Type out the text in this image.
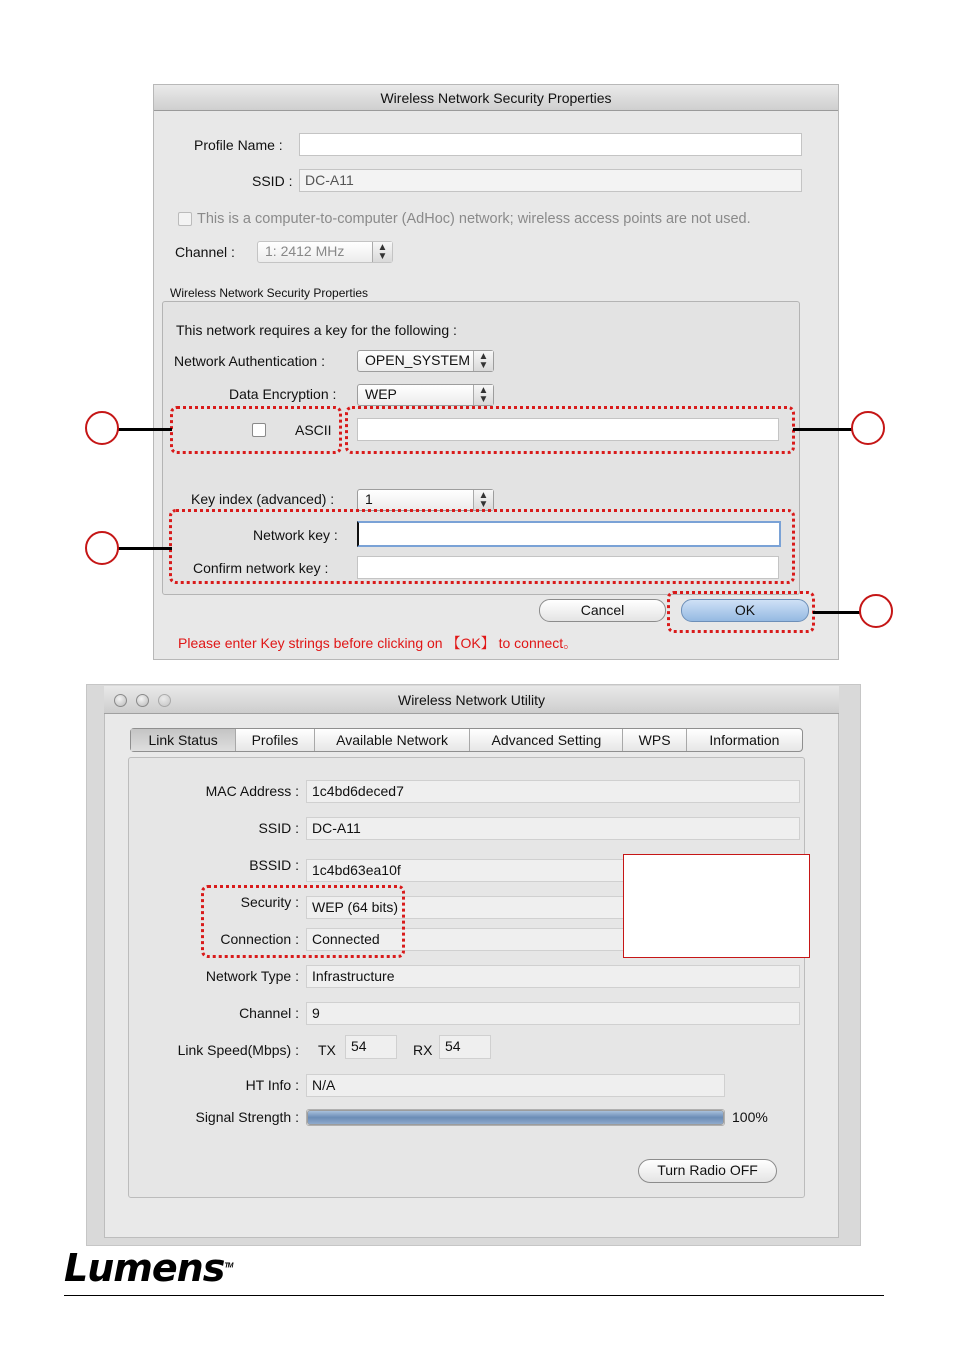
Wireless Network Security Properties
Profile Name :
SSID : DC-A11
This is a computer-to-computer (AdHoc) network; wireless access points are not used.
Channel :	1: 2412 MHz	▲
▼
Wireless Network Security Properties
This network requires a key for the following :
Network Authentication :	OPEN_SYSTEM ▲
▼
Data Encryption :	WEP	▲
▼
ASCII
Key index (advanced) :	1	▲
▼
Network key :
Confirm network key :
Cancel	OK
Please enter Key strings before clicking on 【OK】 to connect。
Wireless Network Utility
Link Status	Profiles	Available Network	Advanced Setting	WPS	Information
MAC Address : 1c4bd6deced7
SSID : DC-A11
BSSID : 1c4bd63ea10f
Security : WEP (64 bits)
Connection : Connected
Network Type : Infrastructure
Channel : 9
Link Speed(Mbps) : TX	54	RX 54
HT Info : N/A
Signal Strength :	100%
Turn Radio OFF
Lumens™
